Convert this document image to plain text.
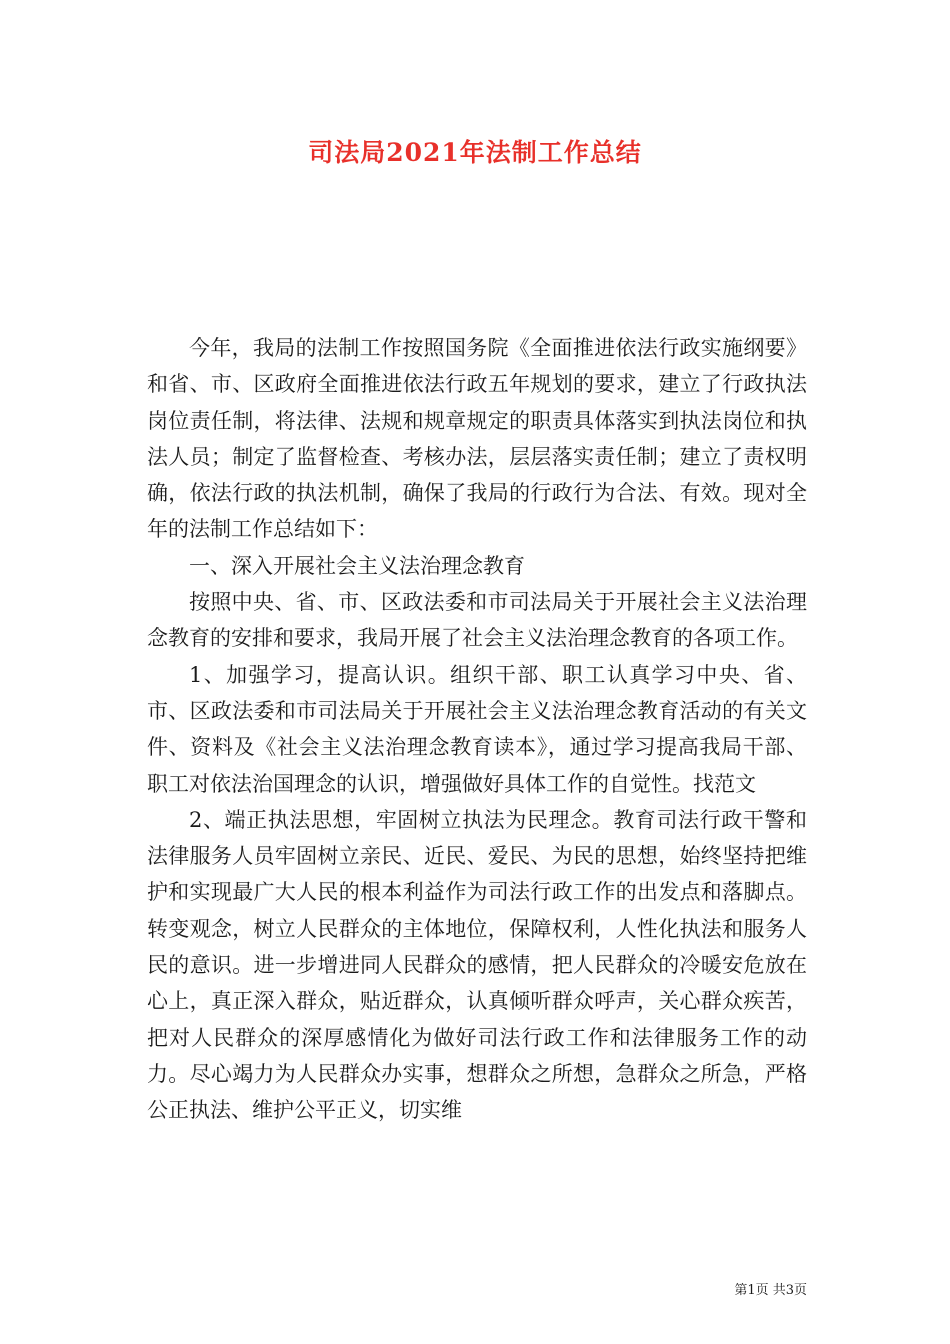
司法局2021年法制工作总结

今年，我局的法制工作按照国务院《全面推进依法行政实施纲要》和省、市、区政府全面推进依法行政五年规划的要求，建立了行政执法岗位责任制，将法律、法规和规章规定的职责具体落实到执法岗位和执法人员；制定了监督检查、考核办法，层层落实责任制；建立了责权明确，依法行政的执法机制，确保了我局的行政行为合法、有效。现对全年的法制工作总结如下：

一、深入开展社会主义法治理念教育

按照中央、省、市、区政法委和市司法局关于开展社会主义法治理念教育的安排和要求，我局开展了社会主义法治理念教育的各项工作。

1、加强学习，提高认识。组织干部、职工认真学习中央、省、市、区政法委和市司法局关于开展社会主义法治理念教育活动的有关文件、资料及《社会主义法治理念教育读本》，通过学习提高我局干部、职工对依法治国理念的认识，增强做好具体工作的自觉性。找范文

2、端正执法思想，牢固树立执法为民理念。教育司法行政干警和法律服务人员牢固树立亲民、近民、爱民、为民的思想，始终坚持把维护和实现最广大人民的根本利益作为司法行政工作的出发点和落脚点。转变观念，树立人民群众的主体地位，保障权利，人性化执法和服务人民的意识。进一步增进同人民群众的感情，把人民群众的冷暖安危放在心上，真正深入群众，贴近群众，认真倾听群众呼声，关心群众疾苦，把对人民群众的深厚感情化为做好司法行政工作和法律服务工作的动力。尽心竭力为人民群众办实事，想群众之所想，急群众之所急，严格公正执法、维护公平正义，切实维

第1页 共3页
